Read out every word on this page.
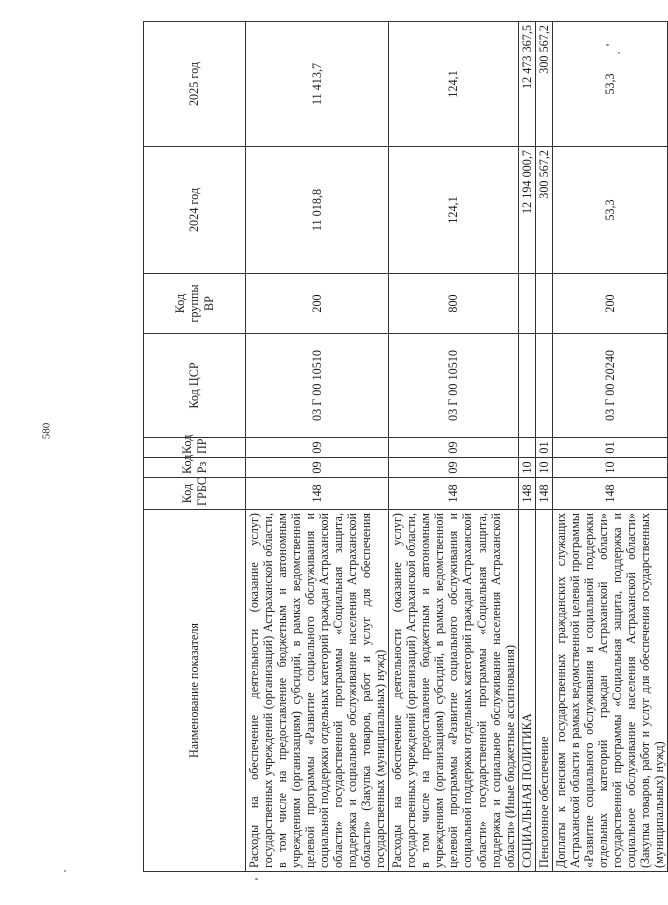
580
Наименование показателя	Код ГРБС	Код Рз	Код ПР	Код ЦСР	Код группы ВР	2024 год	2025 год
Расходы на обеспечение деятельности (оказание услуг) государственных учреждений (организаций) Астраханской области, в том числе на предоставление бюджетным и автономным учреждениям (организациям) субсидий, в рамках ведомственной целевой программы «Развитие социального обслуживания и социальной поддержки отдельных категорий граждан Астраханской области» государственной программы «Социальная защита, поддержка и социальное обслуживание населения Астраханской области» (Закупка товаров, работ и услуг для обеспечения государственных (муниципальных) нужд)	148	09	09	03 Г 00 10510	200	11 018,8	11 413,7
Расходы на обеспечение деятельности (оказание услуг) государственных учреждений (организаций) Астраханской области, в том числе на предоставление бюджетным и автономным учреждениям (организациям) субсидий, в рамках ведомственной целевой программы «Развитие социального обслуживания и социальной поддержки отдельных категорий граждан Астраханской области» государственной программы «Социальная защита, поддержка и социальное обслуживание населения Астраханской области» (Иные бюджетные ассигнования)	148	09	09	03 Г 00 10510	800	124,1	124,1
СОЦИАЛЬНАЯ ПОЛИТИКА	148	10				12 194 000,7	12 473 367,5
Пенсионное обеспечение	148	10	01			300 567,2	300 567,2
Доплаты к пенсиям государственных гражданских служащих Астраханской области в рамках ведомственной целевой программы «Развитие социального обслуживания и социальной поддержки отдельных категорий граждан Астраханской области» государственной программы «Социальная защита, поддержка и социальное обслуживание населения Астраханской области» (Закупка товаров, работ и услуг для обеспечения государственных (муниципальных) нужд)	148	10	01	03 Г 00 20240	200	53,3	53,3
